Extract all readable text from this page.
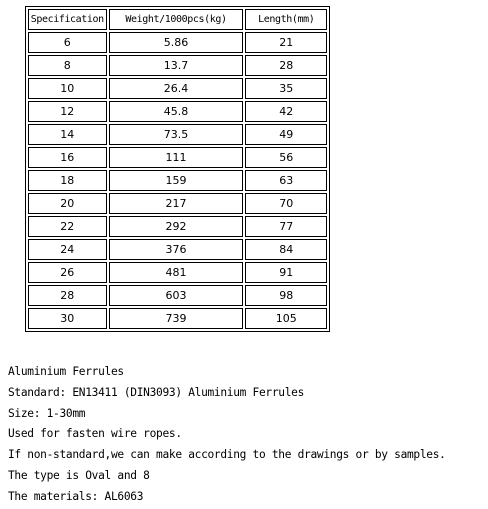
Specification	Weight/1000pcs(kg)	Length(mm)
6	5.86	21
8	13.7	28
10	26.4	35
12	45.8	42
14	73.5	49
16	111	56
18	159	63
20	217	70
22	292	77
24	376	84
26	481	91
28	603	98
30	739	105
Aluminium Ferrules
Standard: EN13411 (DIN3093) Aluminium Ferrules
Size: 1-30mm
Used for fasten wire ropes.
If non-standard,we can make according to the drawings or by samples.
The type is Oval and 8
The materials: AL6063
